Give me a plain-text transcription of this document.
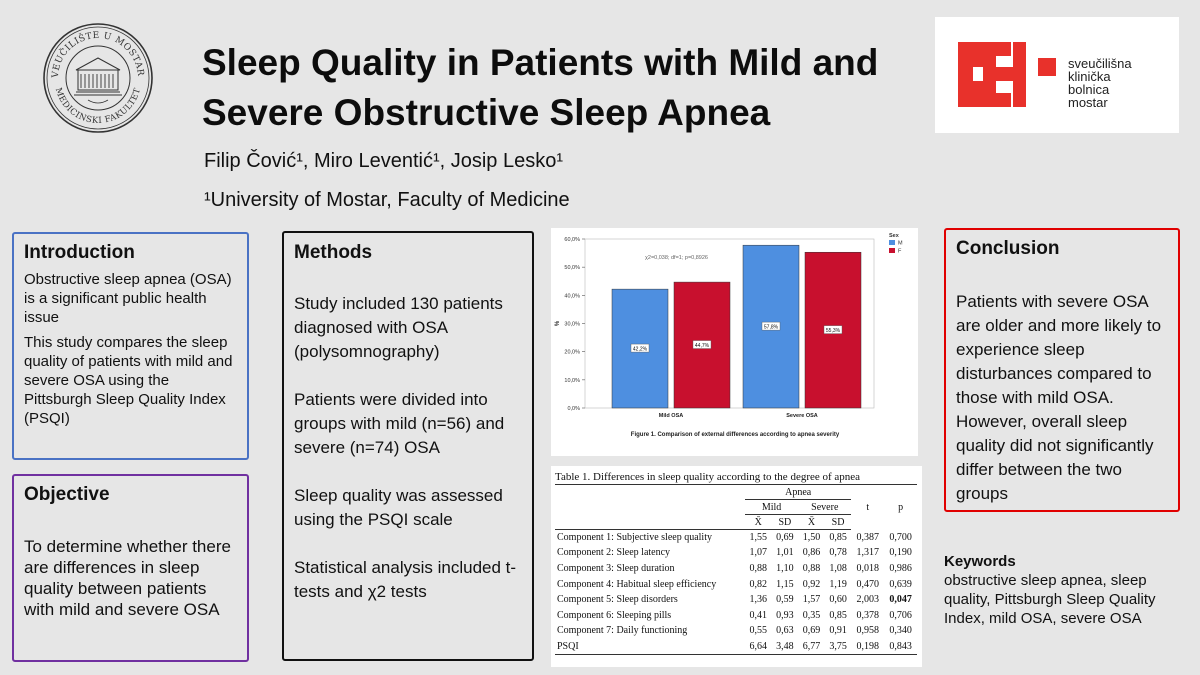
VEUČILIŠTE U MOSTAR
MEDICINSKI FAKULTET
Sleep Quality in Patients with Mild and Severe Obstructive Sleep Apnea
Filip Čović¹, Miro Leventić¹, Josip Lesko¹
¹University of Mostar, Faculty of Medicine
sveučilišna
klinička
bolnica
mostar
Introduction

Obstructive sleep apnea (OSA) is a significant public health issue

This study compares the sleep quality of patients with mild and severe OSA using the Pittsburgh Sleep Quality Index (PSQI)

Objective

To determine whether there are differences in sleep quality between patients with mild and severe OSA

Methods

Study included 130 patients diagnosed with OSA (polysomnography)

Patients were divided into groups with mild (n=56) and severe (n=74) OSA

Sleep quality was assessed using the PSQI scale

Statistical analysis included t-tests and χ2 tests

0,0%
10,0%
20,0%
30,0%
40,0%
50,0%
60,0%
%
Mild OSA
42,2%
44,7%
Severe OSA
57,8%
55,3%
χ2=0,038; df=1; p=0,8926
Sex
M
F
Figure 1. Comparison of external differences according to apnea severity
Table 1. Differences in sleep quality according to the degree of apnea
	Apnea				t	p
	Mild		Severe			
	X̄	SD	X̄	SD		
Component 1: Subjective sleep quality	1,55	0,69	1,50	0,85	0,387	0,700
Component 2: Sleep latency	1,07	1,01	0,86	0,78	1,317	0,190
Component 3: Sleep duration	0,88	1,10	0,88	1,08	0,018	0,986
Component 4: Habitual sleep efficiency	0,82	1,15	0,92	1,19	0,470	0,639
Component 5: Sleep disorders	1,36	0,59	1,57	0,60	2,003	0,047
Component 6: Sleeping pills	0,41	0,93	0,35	0,85	0,378	0,706
Component 7: Daily functioning	0,55	0,63	0,69	0,91	0,958	0,340
PSQI	6,64	3,48	6,77	3,75	0,198	0,843
Conclusion

Patients with severe OSA are older and more likely to experience sleep disturbances compared to those with mild OSA. However, overall sleep quality did not significantly differ between the two groups

Keywords
obstructive sleep apnea, sleep quality, Pittsburgh Sleep Quality Index, mild OSA, severe OSA
